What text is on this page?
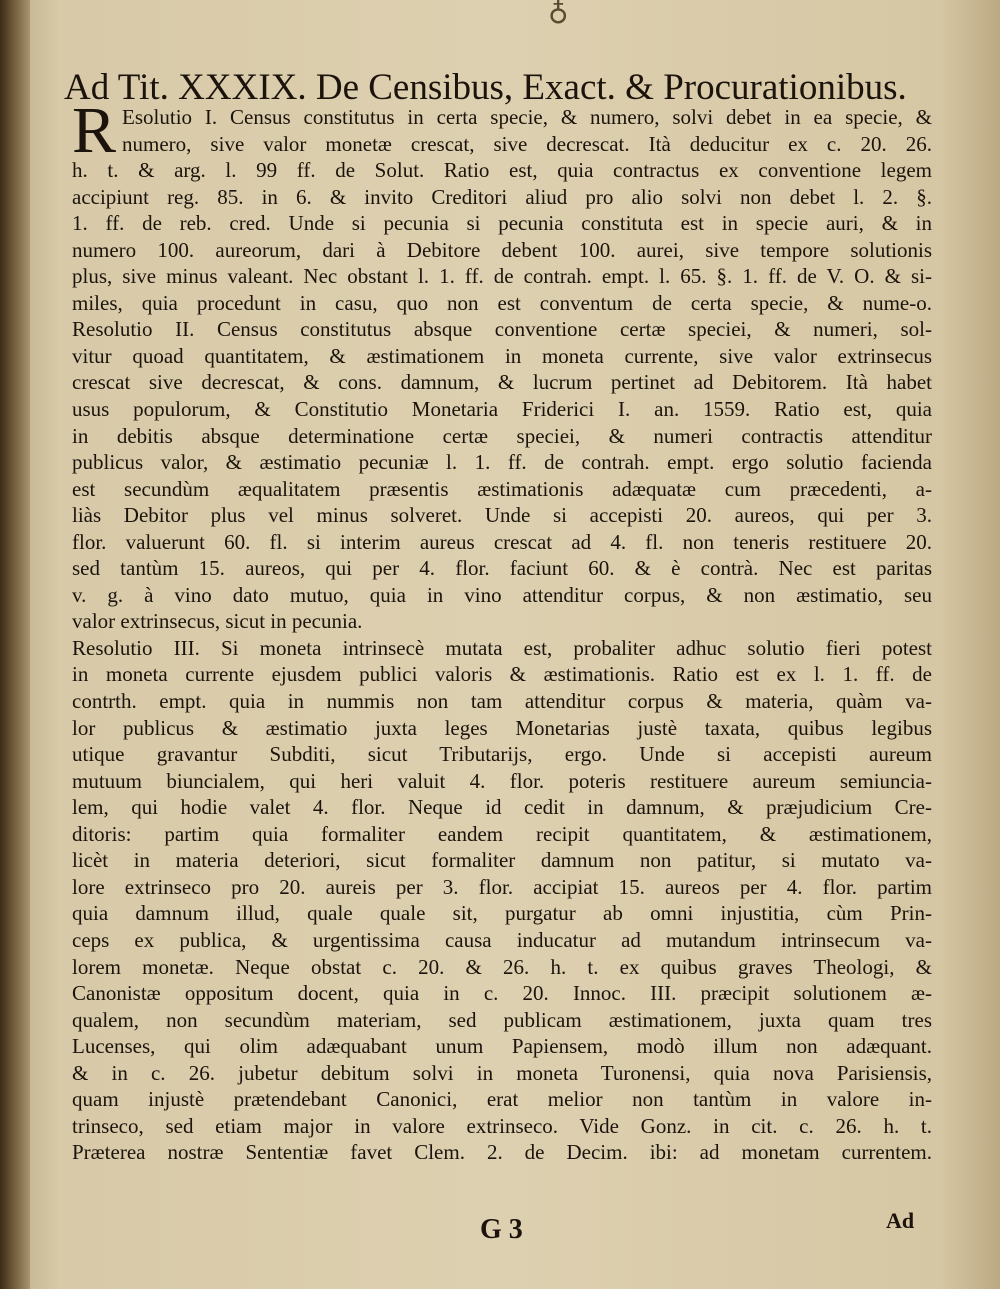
♁
Ad Tit. XXXIX. De Censibus, Exact. & Procurationibus.
R Esolutio I. Census constitutus in certa specie, & numero, solvi debet in ea specie, &
numero, sive valor monetæ crescat, sive decrescat. Ità deducitur ex c. 20. 26.
h. t. & arg. l. 99 ff. de Solut. Ratio est, quia contractus ex conventione legem
accipiunt reg. 85. in 6. & invito Creditori aliud pro alio solvi non debet l. 2. §.
1. ff. de reb. cred. Unde si pecunia si pecunia constituta est in specie auri, & in
numero 100. aureorum, dari à Debitore debent 100. aurei, sive tempore solutionis
plus, sive minus valeant. Nec obstant l. 1. ff. de contrah. empt. l. 65. §. 1. ff. de V. O. & si-
miles, quia procedunt in casu, quo non est conventum de certa specie, & nume-o.
Resolutio II. Census constitutus absque conventione certæ speciei, & numeri, sol-
vitur quoad quantitatem, & æstimationem in moneta currente, sive valor extrinsecus
crescat sive decrescat, & cons. damnum, & lucrum pertinet ad Debitorem. Ità habet
usus populorum, & Constitutio Monetaria Friderici I. an. 1559. Ratio est, quia
in debitis absque determinatione certæ speciei, & numeri contractis attenditur
publicus valor, & æstimatio pecuniæ l. 1. ff. de contrah. empt. ergo solutio facienda
est secundùm æqualitatem præsentis æstimationis adæquatæ cum præcedenti, a-
liàs Debitor plus vel minus solveret. Unde si accepisti 20. aureos, qui per 3.
flor. valuerunt 60. fl. si interim aureus crescat ad 4. fl. non teneris restituere 20.
sed tantùm 15. aureos, qui per 4. flor. faciunt 60. & è contrà. Nec est paritas
v. g. à vino dato mutuo, quia in vino attenditur corpus, & non æstimatio, seu
valor extrinsecus, sicut in pecunia.
Resolutio III. Si moneta intrinsecè mutata est, probaliter adhuc solutio fieri potest
in moneta currente ejusdem publici valoris & æstimationis. Ratio est ex l. 1. ff. de
contrth. empt. quia in nummis non tam attenditur corpus & materia, quàm va-
lor publicus & æstimatio juxta leges Monetarias justè taxata, quibus legibus
utique gravantur Subditi, sicut Tributarijs, ergo. Unde si accepisti aureum
mutuum biuncialem, qui heri valuit 4. flor. poteris restituere aureum semiuncia-
lem, qui hodie valet 4. flor. Neque id cedit in damnum, & præjudicium Cre-
ditoris: partim quia formaliter eandem recipit quantitatem, & æstimationem,
licèt in materia deteriori, sicut formaliter damnum non patitur, si mutato va-
lore extrinseco pro 20. aureis per 3. flor. accipiat 15. aureos per 4. flor. partim
quia damnum illud, quale quale sit, purgatur ab omni injustitia, cùm Prin-
ceps ex publica, & urgentissima causa inducatur ad mutandum intrinsecum va-
lorem monetæ. Neque obstat c. 20. & 26. h. t. ex quibus graves Theologi, &
Canonistæ oppositum docent, quia in c. 20. Innoc. III. præcipit solutionem æ-
qualem, non secundùm materiam, sed publicam æstimationem, juxta quam tres
Lucenses, qui olim adæquabant unum Papiensem, modò illum non adæquant.
& in c. 26. jubetur debitum solvi in moneta Turonensi, quia nova Parisiensis,
quam injustè prætendebant Canonici, erat melior non tantùm in valore in-
trinseco, sed etiam major in valore extrinseco. Vide Gonz. in cit. c. 26. h. t.
Præterea nostræ Sententiæ favet Clem. 2. de Decim. ibi: ad monetam currentem.
G 3	Ad
